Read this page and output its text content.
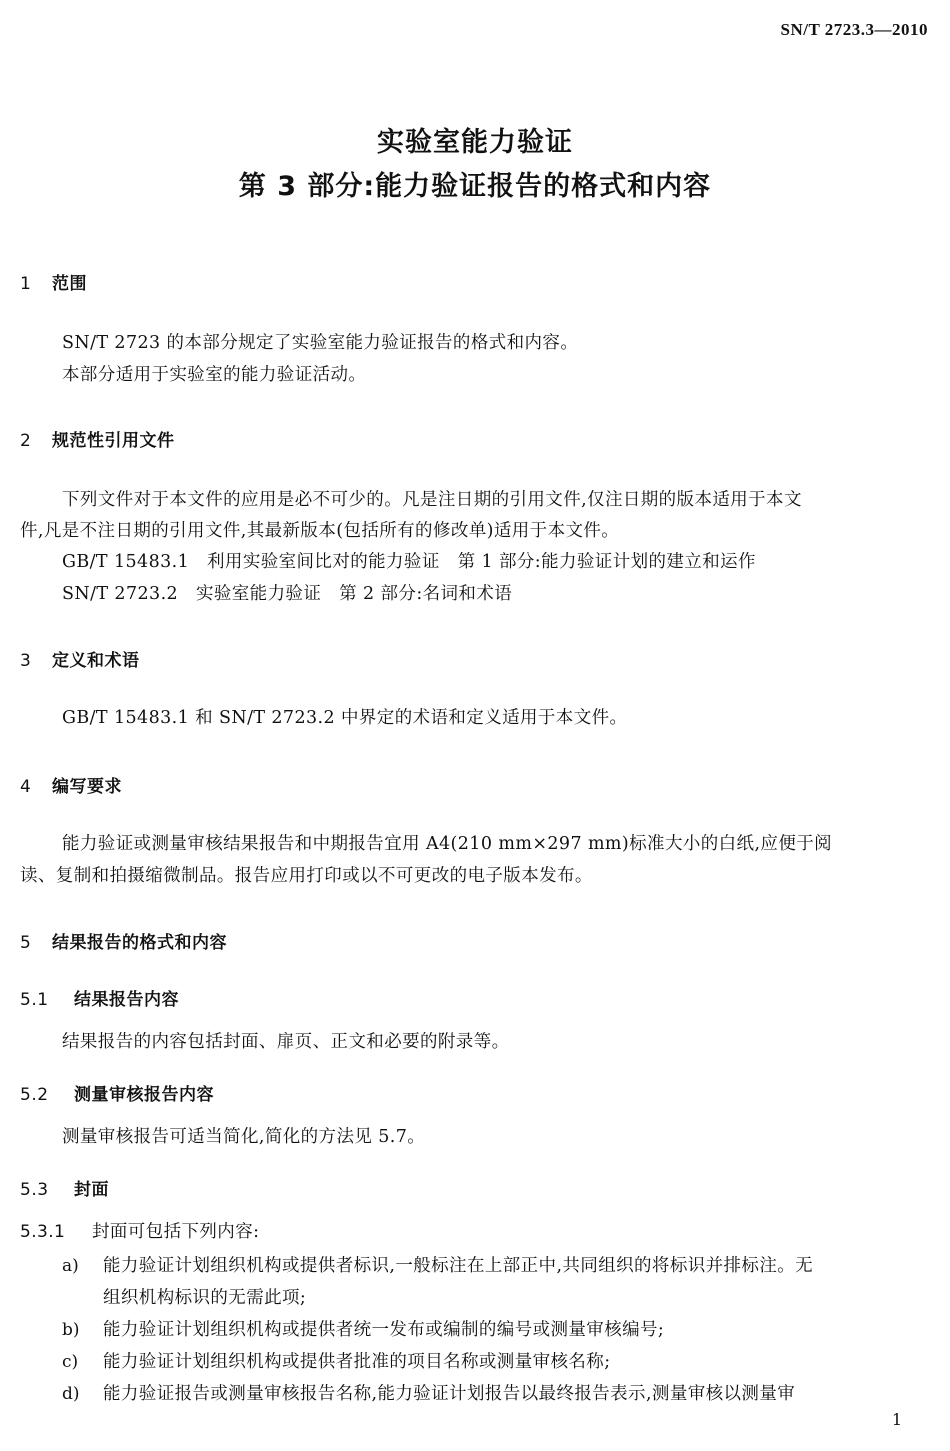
SN/T 2723.3—2010
实验室能力验证
第 3 部分:能力验证报告的格式和内容
1 范围
SN/T 2723 的本部分规定了实验室能力验证报告的格式和内容。
本部分适用于实验室的能力验证活动。
2 规范性引用文件
下列文件对于本文件的应用是必不可少的。凡是注日期的引用文件,仅注日期的版本适用于本文
件,凡是不注日期的引用文件,其最新版本(包括所有的修改单)适用于本文件。
GB/T 15483.1　利用实验室间比对的能力验证　第 1 部分:能力验证计划的建立和运作
SN/T 2723.2　实验室能力验证　第 2 部分:名词和术语
3 定义和术语
GB/T 15483.1 和 SN/T 2723.2 中界定的术语和定义适用于本文件。
4 编写要求
能力验证或测量审核结果报告和中期报告宜用 A4(210 mm×297 mm)标准大小的白纸,应便于阅
读、复制和拍摄缩微制品。报告应用打印或以不可更改的电子版本发布。
5 结果报告的格式和内容
5.1 结果报告内容
结果报告的内容包括封面、扉页、正文和必要的附录等。
5.2 测量审核报告内容
测量审核报告可适当简化,简化的方法见 5.7。
5.3 封面
5.3.1 封面可包括下列内容:
a) 能力验证计划组织机构或提供者标识,一般标注在上部正中,共同组织的将标识并排标注。无
组织机构标识的无需此项;
b) 能力验证计划组织机构或提供者统一发布或编制的编号或测量审核编号;
c) 能力验证计划组织机构或提供者批准的项目名称或测量审核名称;
d) 能力验证报告或测量审核报告名称,能力验证计划报告以最终报告表示,测量审核以测量审
1
